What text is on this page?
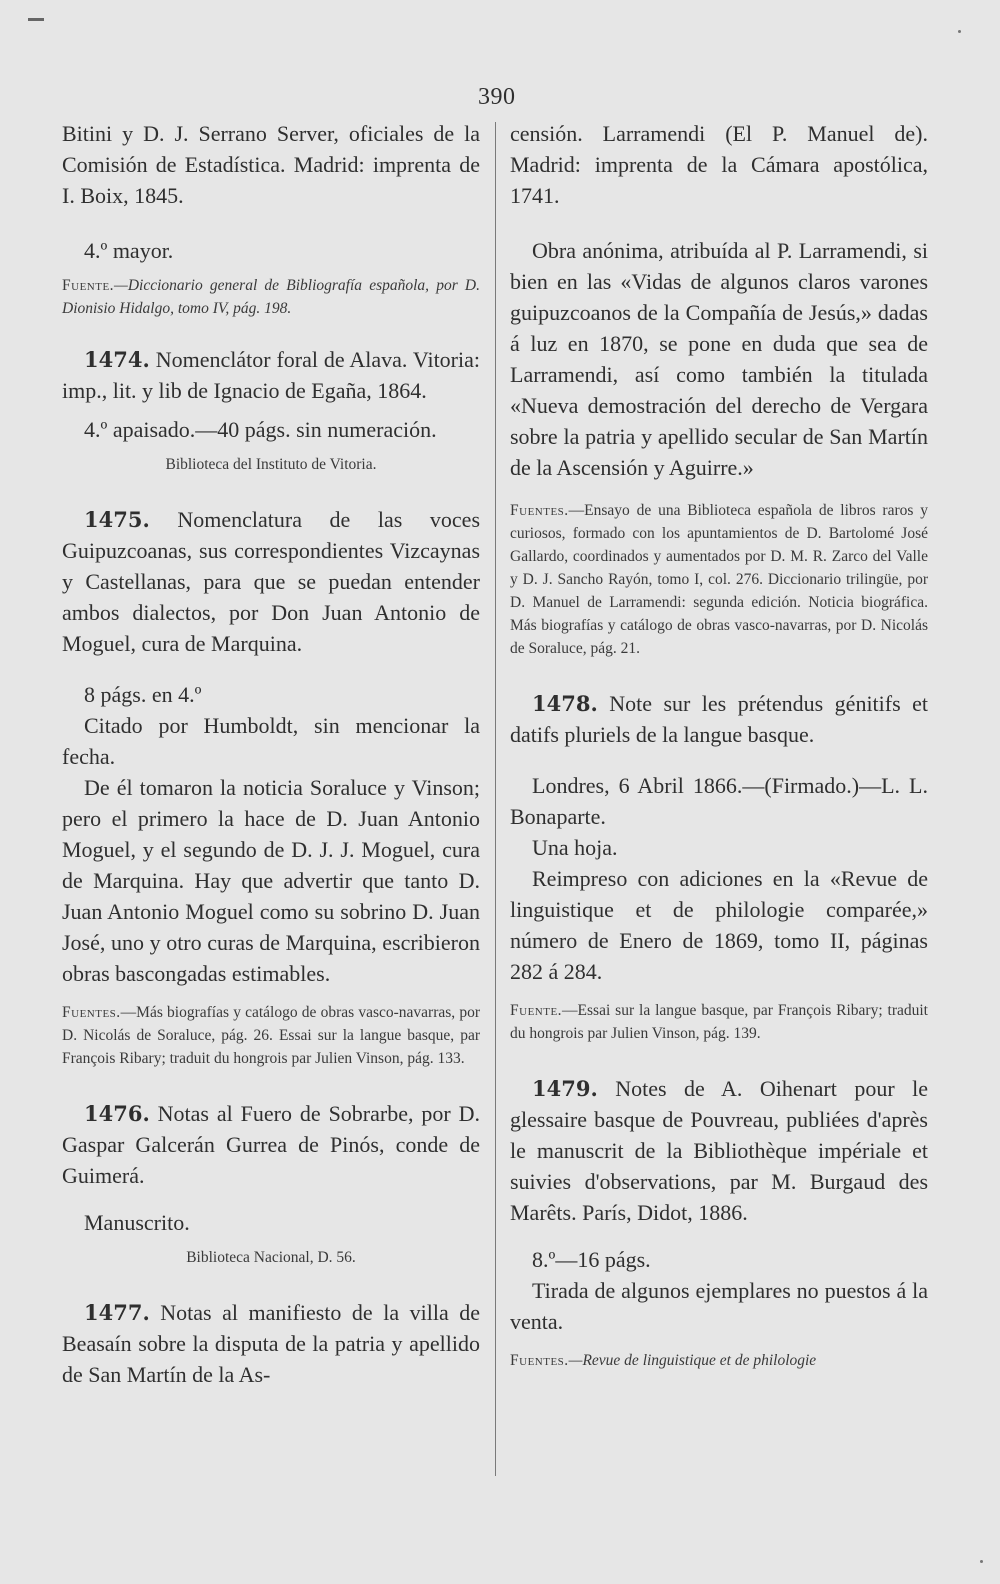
390

Bitini y D. J. Serrano Server, oficiales de la Comisión de Estadística. Madrid: imprenta de I. Boix, 1845.

4.º mayor.

Fuente.—Diccionario general de Bibliografía española, por D. Dionisio Hidalgo, tomo IV, pág. 198.

1474. Nomenclátor foral de Alava. Vitoria: imp., lit. y lib de Ignacio de Egaña, 1864.

4.º apaisado.—40 págs. sin numeración.

Biblioteca del Instituto de Vitoria.

1475. Nomenclatura de las voces Guipuzcoanas, sus correspondientes Vizcaynas y Castellanas, para que se puedan entender ambos dialectos, por Don Juan Antonio de Moguel, cura de Marquina.

8 págs. en 4.º

Citado por Humboldt, sin mencionar la fecha.

De él tomaron la noticia Soraluce y Vinson; pero el primero la hace de D. Juan Antonio Moguel, y el segundo de D. J. J. Moguel, cura de Marquina. Hay que advertir que tanto D. Juan Antonio Moguel como su sobrino D. Juan José, uno y otro curas de Marquina, escribieron obras bascongadas estimables.

Fuentes.—Más biografías y catálogo de obras vasco-navarras, por D. Nicolás de Soraluce, pág. 26. Essai sur la langue basque, par François Ribary; traduit du hongrois par Julien Vinson, pág. 133.

1476. Notas al Fuero de Sobrarbe, por D. Gaspar Galcerán Gurrea de Pinós, conde de Guimerá.

Manuscrito.

Biblioteca Nacional, D. 56.

1477. Notas al manifiesto de la villa de Beasaín sobre la disputa de la patria y apellido de San Martín de la As-

censión. Larramendi (El P. Manuel de). Madrid: imprenta de la Cámara apostólica, 1741.

Obra anónima, atribuída al P. Larramendi, si bien en las «Vidas de algunos claros varones guipuzcoanos de la Compañía de Jesús,» dadas á luz en 1870, se pone en duda que sea de Larramendi, así como también la titulada «Nueva demostración del derecho de Vergara sobre la patria y apellido secular de San Martín de la Ascensión y Aguirre.»

Fuentes.—Ensayo de una Biblioteca española de libros raros y curiosos, formado con los apuntamientos de D. Bartolomé José Gallardo, coordinados y aumentados por D. M. R. Zarco del Valle y D. J. Sancho Rayón, tomo I, col. 276. Diccionario trilingüe, por D. Manuel de Larramendi: segunda edición. Noticia biográfica. Más biografías y catálogo de obras vasco-navarras, por D. Nicolás de Soraluce, pág. 21.

1478. Note sur les prétendus génitifs et datifs pluriels de la langue basque.

Londres, 6 Abril 1866.—(Firmado.)—L. L. Bonaparte.

Una hoja.

Reimpreso con adiciones en la «Revue de linguistique et de philologie comparée,» número de Enero de 1869, tomo II, páginas 282 á 284.

Fuente.—Essai sur la langue basque, par François Ribary; traduit du hongrois par Julien Vinson, pág. 139.

1479. Notes de A. Oihenart pour le glessaire basque de Pouvreau, publiées d'après le manuscrit de la Bibliothèque impériale et suivies d'observations, par M. Burgaud des Marêts. París, Didot, 1886.

8.º—16 págs.

Tirada de algunos ejemplares no puestos á la venta.

Fuentes.—Revue de linguistique et de philologie
